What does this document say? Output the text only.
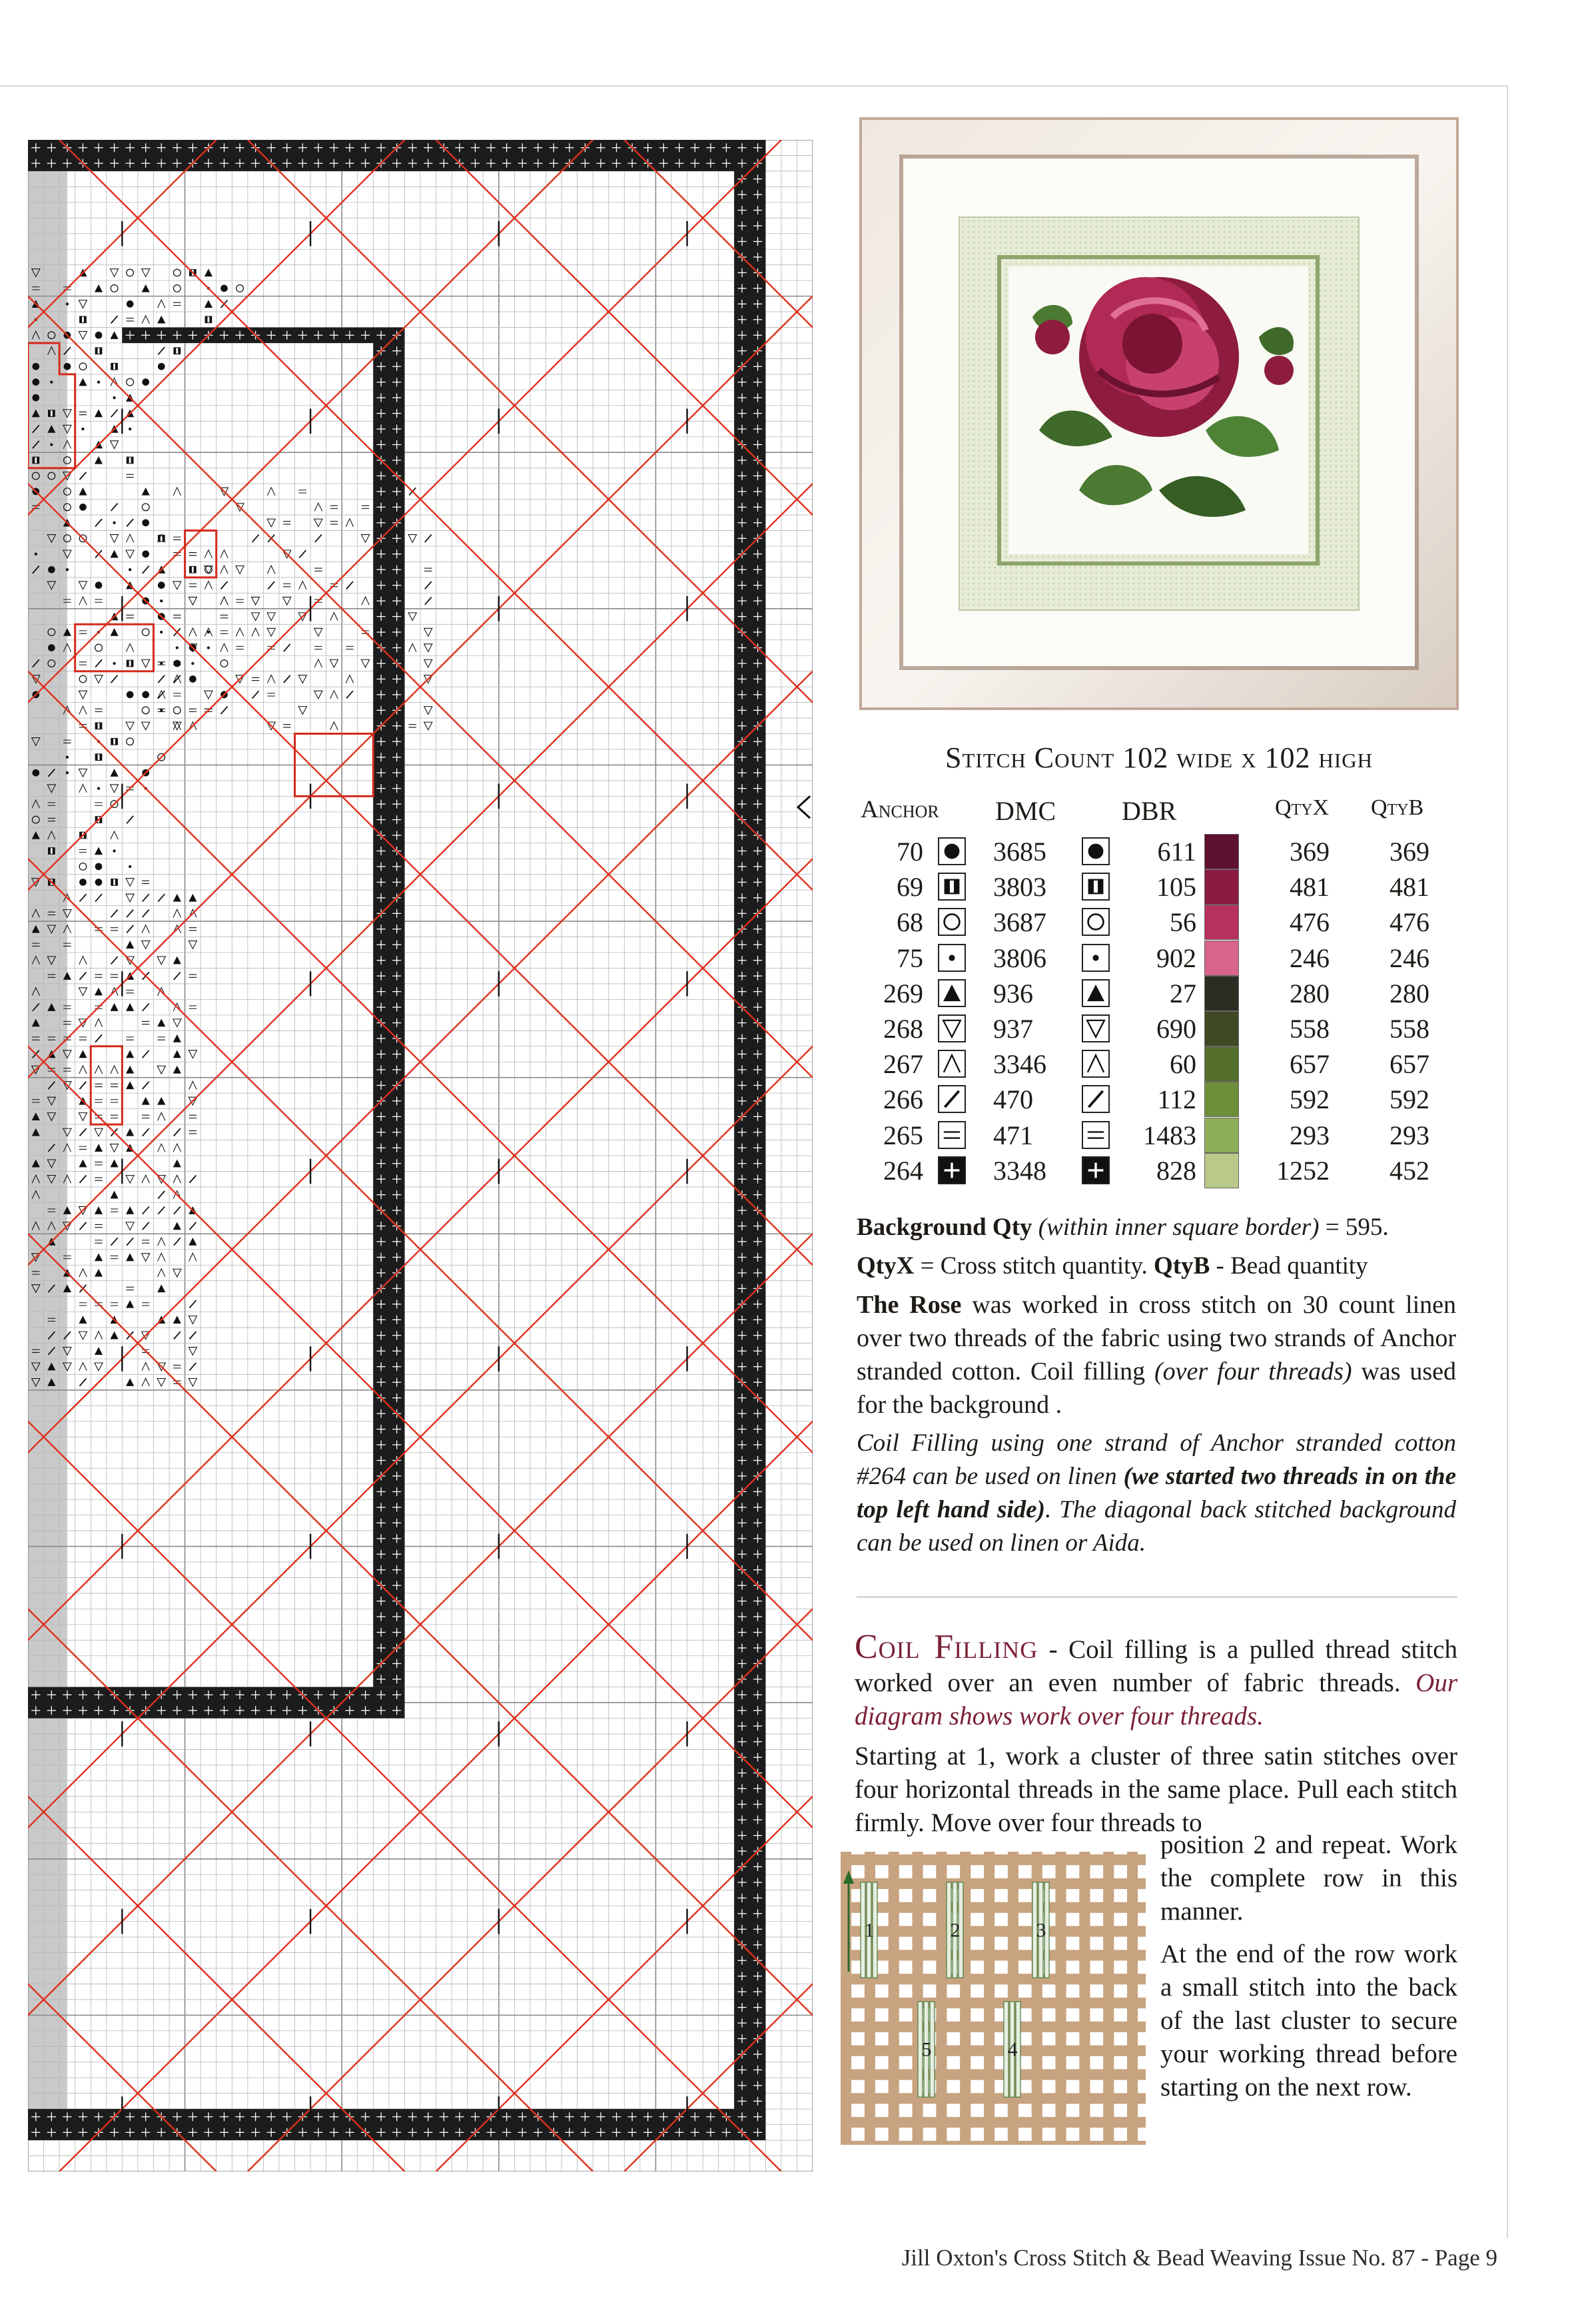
Stitch Count 102 wide x 102 high
Anchor DMC DBR	QtyX QtyB
70	3685	611	369	369
69	3803	105	481	481
68	3687	56	476	476
75	3806	902	246	246
269	936	27	280	280
268	937	690	558	558
267	3346	60	657	657
266	470	112	592	592
265	471	1483	293	293
264	3348	828	1252	452

Background Qty (within inner square border) = 595.

QtyX = Cross stitch quantity. QtyB - Bead quantity

The Rose was worked in cross stitch on 30 count linen over two threads of the fabric using two strands of Anchor stranded cotton. Coil filling (over four threads) was used for the background .

Coil Filling using one strand of Anchor stranded cotton #264 can be used on linen (we started two threads in on the top left hand side). The diagonal back stitched background can be used on linen or Aida.

Coil Filling - Coil filling is a pulled thread stitch worked over an even number of fabric threads. Our diagram shows work over four threads.

Starting at 1, work a cluster of three satin stitches over four horizontal threads in the same place. Pull each stitch firmly. Move over four threads to

position 2 and repeat. Work the complete row in this manner.

At the end of the row work a small stitch into the back of the last cluster to secure your working thread before starting on the next row.

1	2	3
4
5
Jill Oxton's Cross Stitch & Bead Weaving Issue No. 87 - Page 9
